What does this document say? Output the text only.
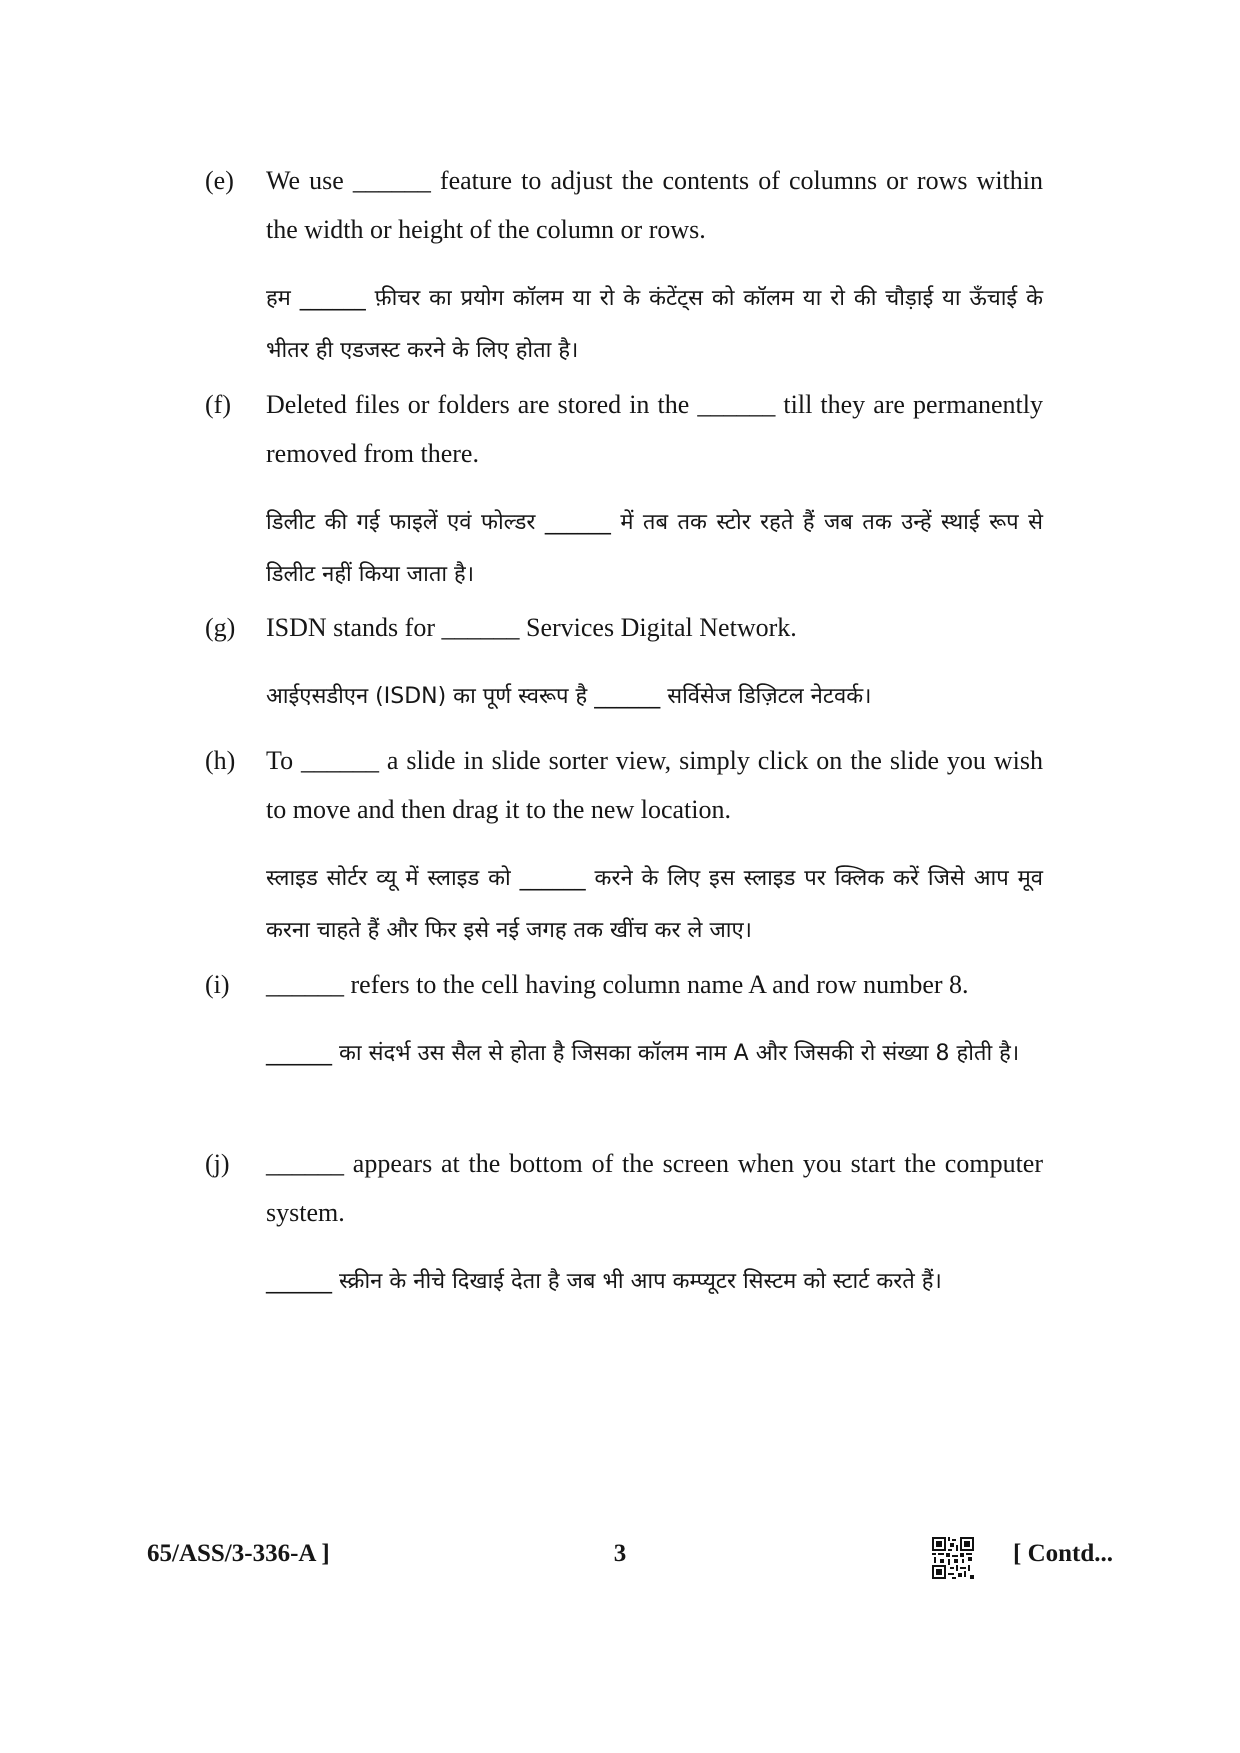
(e) We use ______ feature to adjust the contents of columns or rows within the width or height of the column or rows.
हम ______ फ़ीचर का प्रयोग कॉलम या रो के कंटेंट्स को कॉलम या रो की चौड़ाई या ऊँचाई के भीतर ही एडजस्ट करने के लिए होता है।
(f) Deleted files or folders are stored in the ______ till they are permanently removed from there.
डिलीट की गई फाइलें एवं फोल्डर ______ में तब तक स्टोर रहते हैं जब तक उन्हें स्थाई रूप से डिलीट नहीं किया जाता है।
(g) ISDN stands for ______ Services Digital Network.
आईएसडीएन (ISDN) का पूर्ण स्वरूप है ______ सर्विसेज डिज़िटल नेटवर्क।
(h) To ______ a slide in slide sorter view, simply click on the slide you wish to move and then drag it to the new location.
स्लाइड सोर्टर व्यू में स्लाइड को ______ करने के लिए इस स्लाइड पर क्लिक करें जिसे आप मूव करना चाहते हैं और फिर इसे नई जगह तक खींच कर ले जाए।
(i) ______ refers to the cell having column name A and row number 8.
______ का संदर्भ उस सैल से होता है जिसका कॉलम नाम A और जिसकी रो संख्या 8 होती है।
(j) ______ appears at the bottom of the screen when you start the computer system.
______ स्क्रीन के नीचे दिखाई देता है जब भी आप कम्प्यूटर सिस्टम को स्टार्ट करते हैं।
65/ASS/3-336-A ]	3	[ Contd...
